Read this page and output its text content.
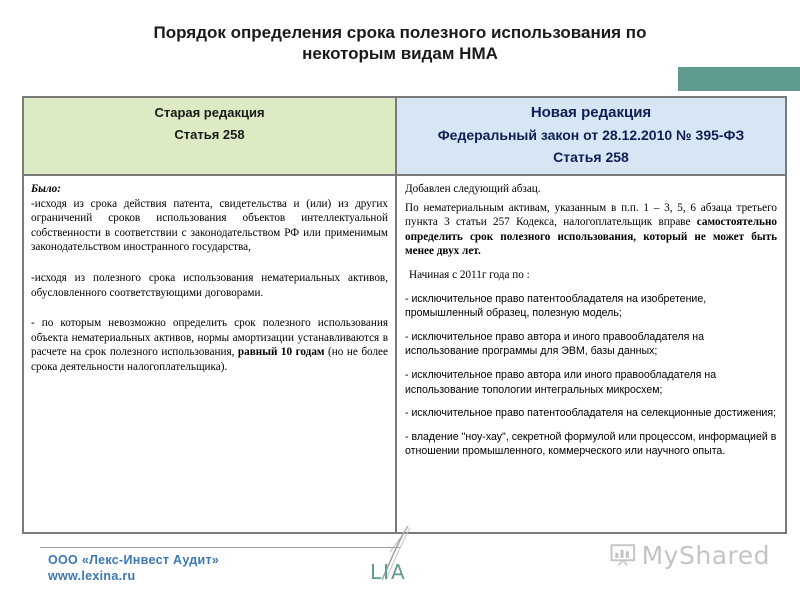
Порядок определения срока полезного использования по
некоторым видам НМА
Старая редакция
Статья 258
Новая редакция
Федеральный закон от 28.12.2010 № 395-ФЗ
Статья 258

Было:

-исходя из срока действия патента, свидетельства и (или) из других ограничений сроков использования объектов интеллектуальной собственности в соответствии с законодательством РФ или применимым законодательством иностранного государства,

-исходя из полезного срока использования нематериальных активов, обусловленного соответствующими договорами.

- по которым невозможно определить срок полезного использования объекта нематериальных активов, нормы амортизации устанавливаются в расчете на срок полезного использования, равный 10 годам (но не более срока деятельности налогоплательщика).

Добавлен следующий абзац.

По нематериальным активам, указанным в п.п. 1 – 3, 5, 6 абзаца третьего пункта 3 статьи 257 Кодекса, налогоплательщик вправе самостоятельно определить срок полезного использования, который не может быть менее двух лет.

Начиная с 2011г года по :

- исключительное право патентообладателя на изобретение, промышленный образец, полезную модель;

- исключительное право автора и иного правообладателя на использование программы для ЭВМ, базы данных;

- исключительное право автора или иного правообладателя на использование топологии интегральных микросхем;

- исключительное право патентообладателя на селекционные достижения;

- владение "ноу-хау", секретной формулой или процессом, информацией в отношении промышленного, коммерческого или научного опыта.

ООО «Лекс-Инвест Аудит»
www.lexina.ru	LIA
MyShared
